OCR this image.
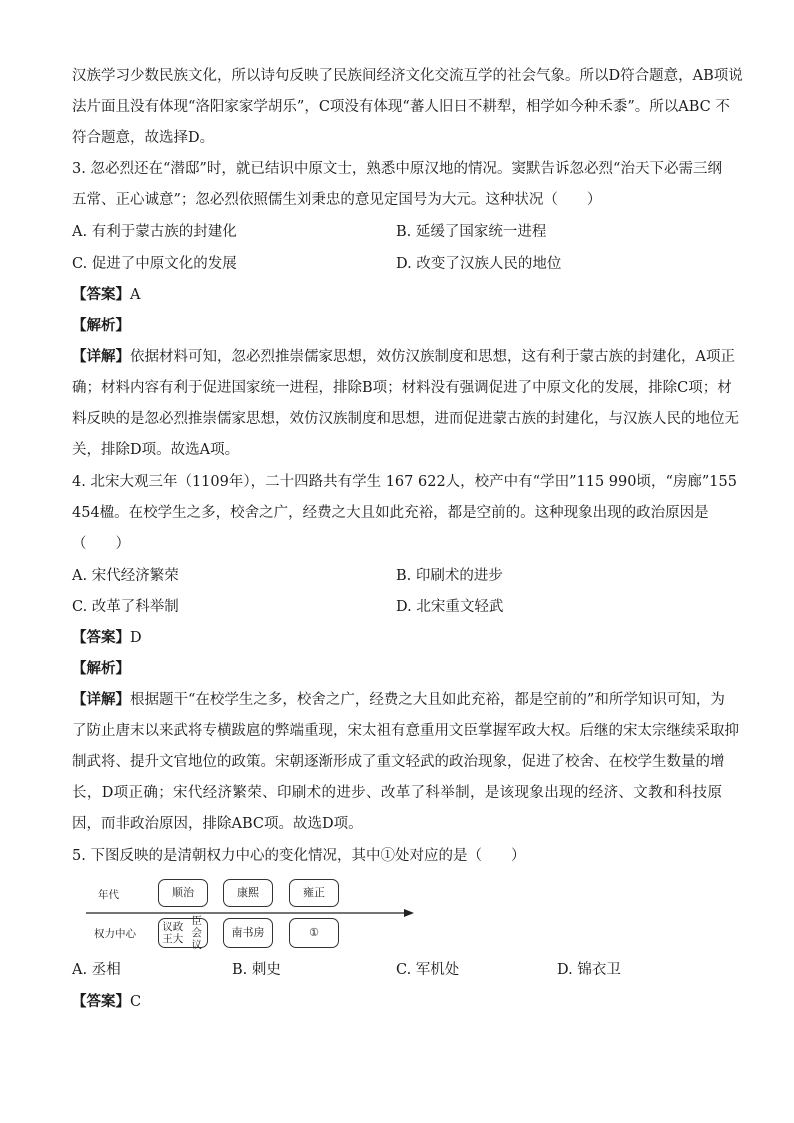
汉族学习少数民族文化，所以诗句反映了民族间经济文化交流互学的社会气象。所以D符合题意，AB项说
法片面且没有体现“洛阳家家学胡乐”，C项没有体现“蕃人旧日不耕犁，相学如今种禾黍”。所以ABC 不
符合题意，故选择D。
3. 忽必烈还在“潜邸”时，就已结识中原文士，熟悉中原汉地的情况。窦默告诉忽必烈“治天下必需三纲
五常、正心诚意”；忽必烈依照儒生刘秉忠的意见定国号为大元。这种状况（　　）
A. 有利于蒙古族的封建化	B. 延缓了国家统一进程
C. 促进了中原文化的发展	D. 改变了汉族人民的地位
【答案】A
【解析】
【详解】依据材料可知，忽必烈推崇儒家思想，效仿汉族制度和思想，这有利于蒙古族的封建化，A项正
确；材料内容有利于促进国家统一进程，排除B项；材料没有强调促进了中原文化的发展，排除C项；材
料反映的是忽必烈推崇儒家思想，效仿汉族制度和思想，进而促进蒙古族的封建化，与汉族人民的地位无
关，排除D项。故选A项。
4. 北宋大观三年（1109年），二十四路共有学生 167 622人，校产中有“学田”115 990顷，“房廊”155
454楹。在校学生之多，校舍之广，经费之大且如此充裕，都是空前的。这种现象出现的政治原因是
（　　）
A. 宋代经济繁荣	B. 印刷术的进步
C. 改革了科举制	D. 北宋重文轻武
【答案】D
【解析】
【详解】根据题干“在校学生之多，校舍之广，经费之大且如此充裕，都是空前的”和所学知识可知，为
了防止唐末以来武将专横跋扈的弊端重现，宋太祖有意重用文臣掌握军政大权。后继的宋太宗继续采取抑
制武将、提升文官地位的政策。宋朝逐渐形成了重文轻武的政治现象，促进了校舍、在校学生数量的增
长，D项正确；宋代经济繁荣、印刷术的进步、改革了科举制，是该现象出现的经济、文教和科技原
因，而非政治原因，排除ABC项。故选D项。
5. 下图反映的是清朝权力中心的变化情况，其中①处对应的是（　　）
年代
权力中心
顺治	康熙	雍正
议政王大

臣会议
南书房	①
A. 丞相	B. 刺史	C. 军机处	D. 锦衣卫
【答案】C
